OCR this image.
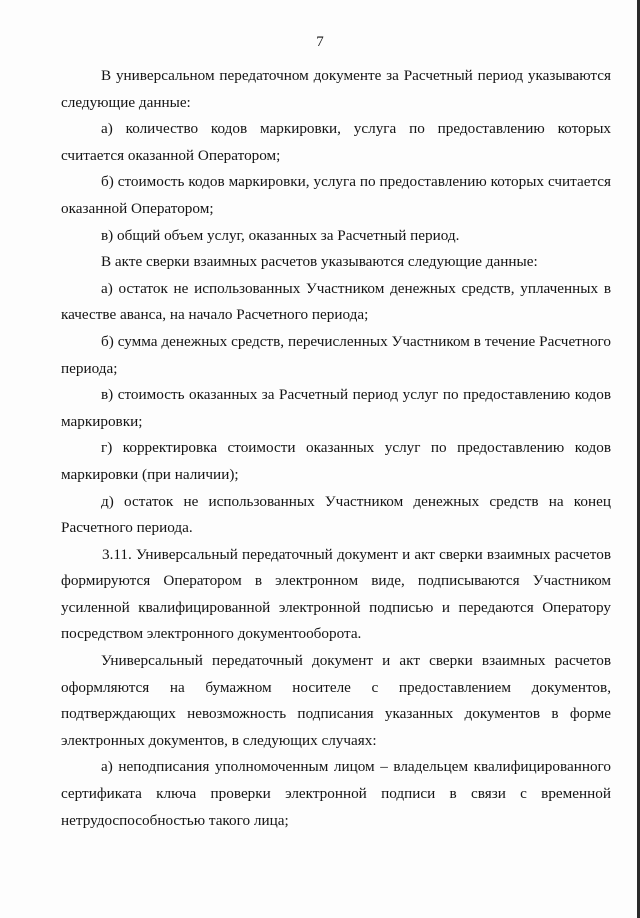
7

В универсальном передаточном документе за Расчетный период указываются следующие данные:

а) количество кодов маркировки, услуга по предоставлению которых считается оказанной Оператором;

б) стоимость кодов маркировки, услуга по предоставлению которых считается оказанной Оператором;

в) общий объем услуг, оказанных за Расчетный период.

В акте сверки взаимных расчетов указываются следующие данные:

а) остаток не использованных Участником денежных средств, уплаченных в качестве аванса, на начало Расчетного периода;

б) сумма денежных средств, перечисленных Участником в течение Расчетного периода;

в) стоимость оказанных за Расчетный период услуг по предоставлению кодов маркировки;

г) корректировка стоимости оказанных услуг по предоставлению кодов маркировки (при наличии);

д) остаток не использованных Участником денежных средств на конец Расчетного периода.

3.11. Универсальный передаточный документ и акт сверки взаимных расчетов формируются Оператором в электронном виде, подписываются Участником усиленной квалифицированной электронной подписью и передаются Оператору посредством электронного документооборота.

Универсальный передаточный документ и акт сверки взаимных расчетов оформляются на бумажном носителе с предоставлением документов, подтверждающих невозможность подписания указанных документов в форме электронных документов, в следующих случаях:

а) неподписания уполномоченным лицом – владельцем квалифицированного сертификата ключа проверки электронной подписи в связи с временной нетрудоспособностью такого лица;
